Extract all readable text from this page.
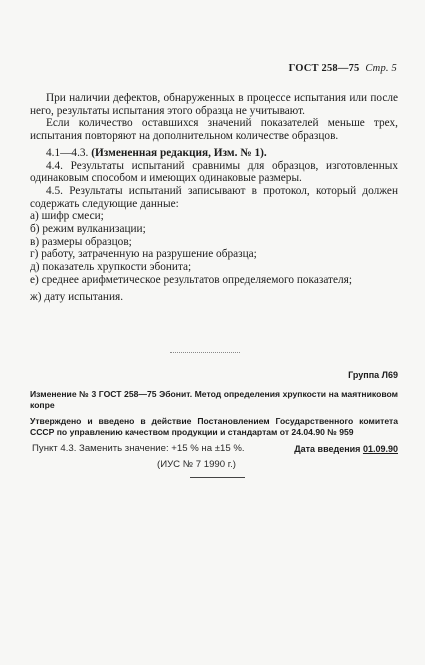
ГОСТ 258—75 Стр. 5

При наличии дефектов, обнаруженных в процессе испытания или после него, результаты испытания этого образца не учитывают.

Если количество оставшихся значений показателей меньше трех, испытания повторяют на дополнительном количестве образцов.

4.1—4.3. (Измененная редакция, Изм. № 1).

4.4. Результаты испытаний сравнимы для образцов, изготовленных одинаковым способом и имеющих одинаковые размеры.

4.5. Результаты испытаний записывают в протокол, который должен содержать следующие данные:

а) шифр смеси;
б) режим вулканизации;
в) размеры образцов;
г) работу, затраченную на разрушение образца;
д) показатель хрупкости эбонита;
е) среднее арифметическое результатов определяемого показателя;
ж) дату испытания.
Группа Л69

Изменение № 3 ГОСТ 258—75 Эбонит. Метод определения хрупкости на маятниковом копре

Утверждено и введено в действие Постановлением Государственного комитета СССР по управлению качеством продукции и стандартам от 24.04.90 № 959

Дата введения 01.09.90
Пункт 4.3. Заменить значение: +15 % на ±15 %.
(ИУС № 7 1990 г.)
